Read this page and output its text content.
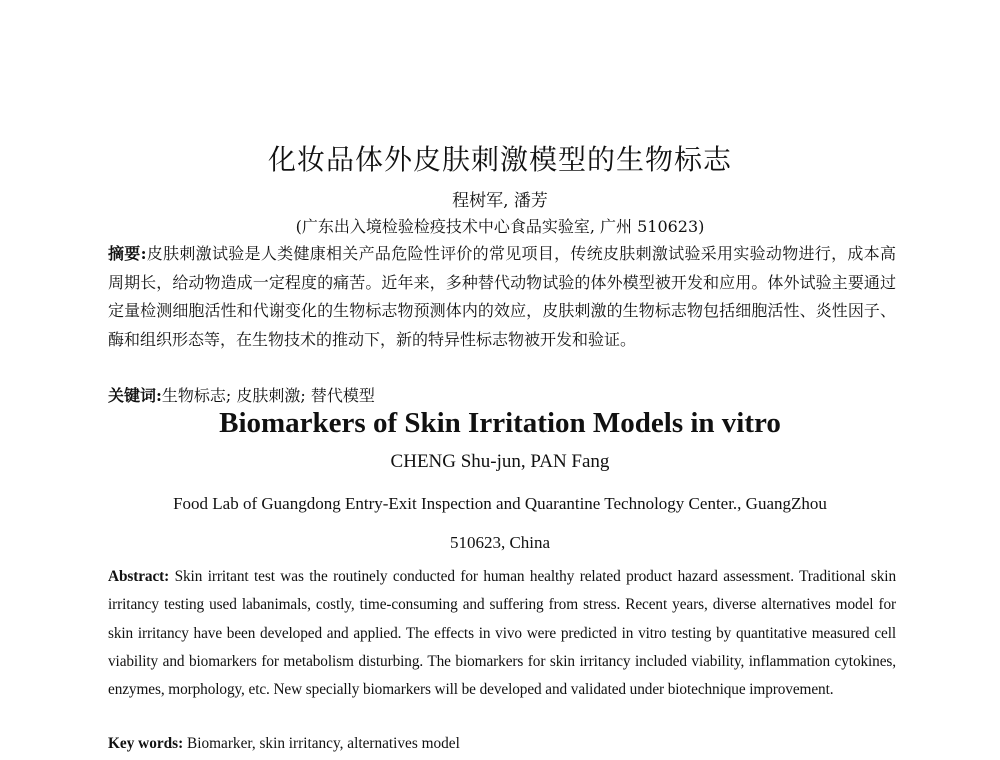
化妆品体外皮肤刺激模型的生物标志
程树军, 潘芳
(广东出入境检验检疫技术中心食品实验室, 广州 510623)
摘要:皮肤刺激试验是人类健康相关产品危险性评价的常见项目，传统皮肤刺激试验采用实验动物进行，成本高周期长，给动物造成一定程度的痛苦。近年来，多种替代动物试验的体外模型被开发和应用。体外试验主要通过定量检测细胞活性和代谢变化的生物标志物预测体内的效应，皮肤刺激的生物标志物包括细胞活性、炎性因子、酶和组织形态等，在生物技术的推动下，新的特异性标志物被开发和验证。
关键词:生物标志; 皮肤刺激; 替代模型
Biomarkers of Skin Irritation Models in vitro
CHENG Shu-jun, PAN Fang
Food Lab of Guangdong Entry-Exit Inspection and Quarantine Technology Center., GuangZhou
510623, China
Abstract: Skin irritant test was the routinely conducted for human healthy related product hazard assessment. Traditional skin irritancy testing used labanimals, costly, time-consuming and suffering from stress. Recent years, diverse alternatives model for skin irritancy have been developed and applied. The effects in vivo were predicted in vitro testing by quantitative measured cell viability and biomarkers for metabolism disturbing. The biomarkers for skin irritancy included viability, inflammation cytokines, enzymes, morphology, etc. New specially biomarkers will be developed and validated under biotechnique improvement.
Key words: Biomarker, skin irritancy, alternatives model
